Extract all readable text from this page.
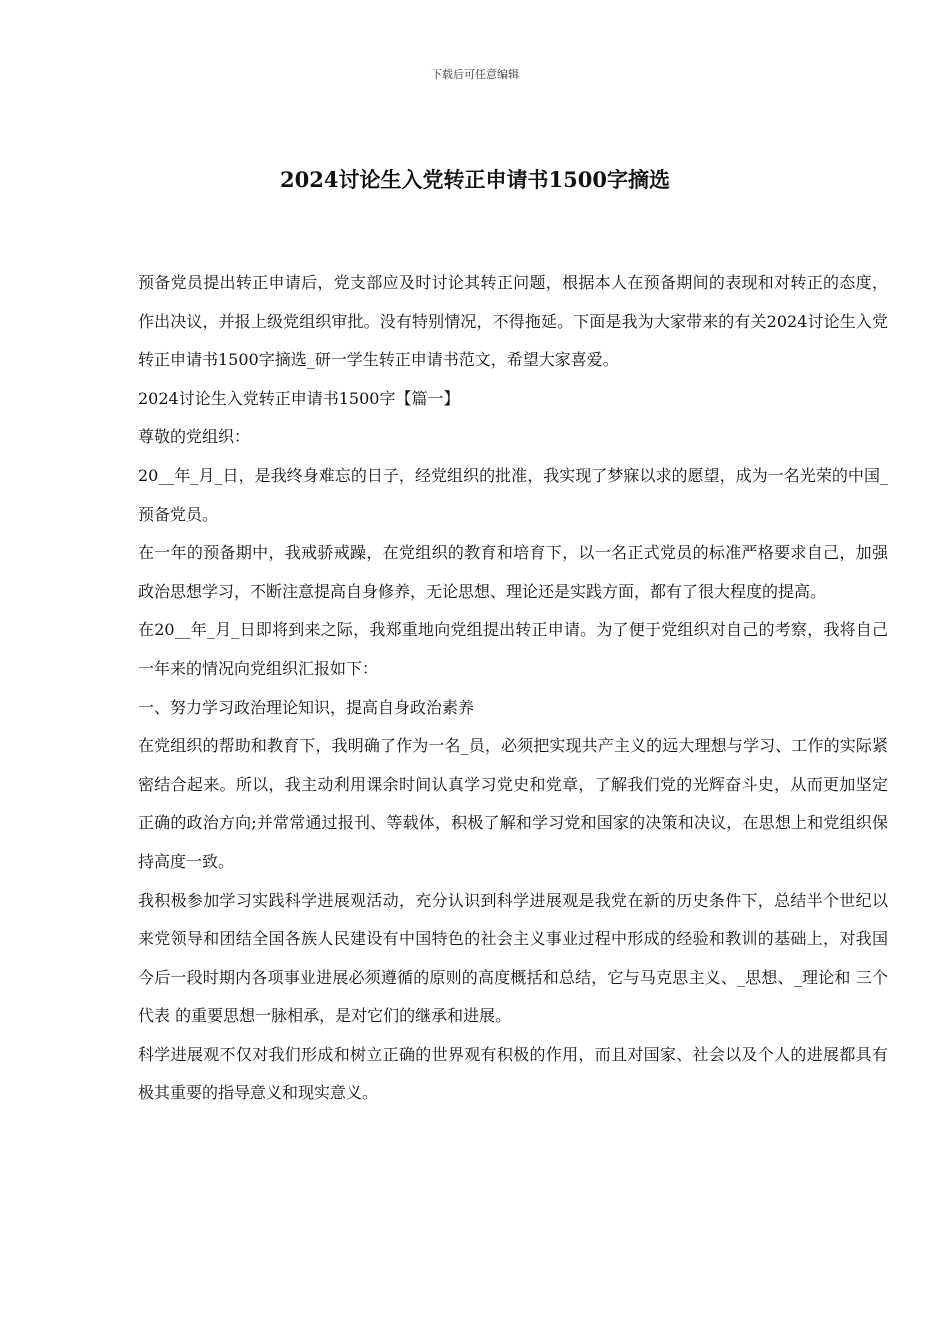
下载后可任意编辑
2024讨论生入党转正申请书1500字摘选

预备党员提出转正申请后，党支部应及时讨论其转正问题，根据本人在预备期间的表现和对转正的态度，作出决议，并报上级党组织审批。没有特别情况，不得拖延。下面是我为大家带来的有关2024讨论生入党转正申请书1500字摘选_研一学生转正申请书范文，希望大家喜爱。

2024讨论生入党转正申请书1500字【篇一】

尊敬的党组织：

20__年_月_日，是我终身难忘的日子，经党组织的批准，我实现了梦寐以求的愿望，成为一名光荣的中国_预备党员。

在一年的预备期中，我戒骄戒躁，在党组织的教育和培育下，以一名正式党员的标准严格要求自己，加强政治思想学习，不断注意提高自身修养，无论思想、理论还是实践方面，都有了很大程度的提高。

在20__年_月_日即将到来之际，我郑重地向党组提出转正申请。为了便于党组织对自己的考察，我将自己一年来的情况向党组织汇报如下：

一、努力学习政治理论知识，提高自身政治素养

在党组织的帮助和教育下，我明确了作为一名_员，必须把实现共产主义的远大理想与学习、工作的实际紧密结合起来。所以，我主动利用课余时间认真学习党史和党章，了解我们党的光辉奋斗史，从而更加坚定正确的政治方向;并常常通过报刊、等载体，积极了解和学习党和国家的决策和决议，在思想上和党组织保持高度一致。

我积极参加学习实践科学进展观活动，充分认识到科学进展观是我党在新的历史条件下，总结半个世纪以来党领导和团结全国各族人民建设有中国特色的社会主义事业过程中形成的经验和教训的基础上，对我国今后一段时期内各项事业进展必须遵循的原则的高度概括和总结，它与马克思主义、_思想、_理论和 三个代表 的重要思想一脉相承，是对它们的继承和进展。

科学进展观不仅对我们形成和树立正确的世界观有积极的作用，而且对国家、社会以及个人的进展都具有极其重要的指导意义和现实意义。
